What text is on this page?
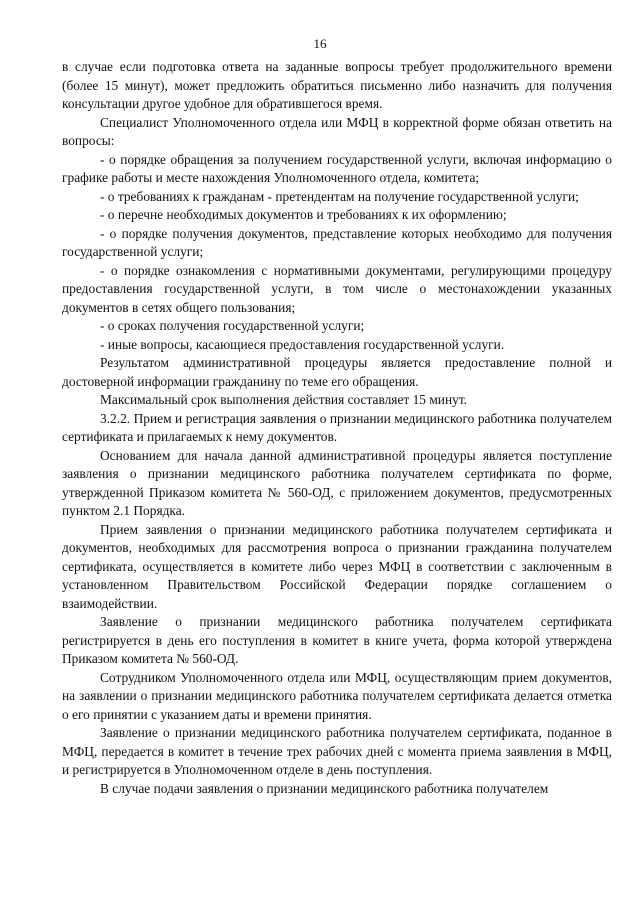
16

в случае если подготовка ответа на заданные вопросы требует продолжительного времени (более 15 минут), может предложить обратиться письменно либо назначить для получения консультации другое удобное для обратившегося время.

Специалист Уполномоченного отдела или МФЦ в корректной форме обязан ответить на вопросы:

- о порядке обращения за получением государственной услуги, включая информацию о графике работы и месте нахождения Уполномоченного отдела, комитета;

- о требованиях к гражданам - претендентам на получение государственной услуги;

- о перечне необходимых документов и требованиях к их оформлению;

- о порядке получения документов, представление которых необходимо для получения государственной услуги;

- о порядке ознакомления с нормативными документами, регулирующими процедуру предоставления государственной услуги, в том числе о местонахождении указанных документов в сетях общего пользования;

- о сроках получения государственной услуги;

- иные вопросы, касающиеся предоставления государственной услуги.

Результатом административной процедуры является предоставление полной и достоверной информации гражданину по теме его обращения.

Максимальный срок выполнения действия составляет 15 минут.

3.2.2. Прием и регистрация заявления о признании медицинского работника получателем сертификата и прилагаемых к нему документов.

Основанием для начала данной административной процедуры является поступление заявления о признании медицинского работника получателем сертификата по форме, утвержденной Приказом комитета № 560-ОД, с приложением документов, предусмотренных пунктом 2.1 Порядка.

Прием заявления о признании медицинского работника получателем сертификата и документов, необходимых для рассмотрения вопроса о признании гражданина получателем сертификата, осуществляется в комитете либо через МФЦ в соответствии с заключенным в установленном Правительством Российской Федерации порядке соглашением о взаимодействии.

Заявление о признании медицинского работника получателем сертификата регистрируется в день его поступления в комитет в книге учета, форма которой утверждена Приказом комитета № 560-ОД.

Сотрудником Уполномоченного отдела или МФЦ, осуществляющим прием документов, на заявлении о признании медицинского работника получателем сертификата делается отметка о его принятии с указанием даты и времени принятия.

Заявление о признании медицинского работника получателем сертификата, поданное в МФЦ, передается в комитет в течение трех рабочих дней с момента приема заявления в МФЦ, и регистрируется в Уполномоченном отделе в день поступления.

В случае подачи заявления о признании медицинского работника получателем
